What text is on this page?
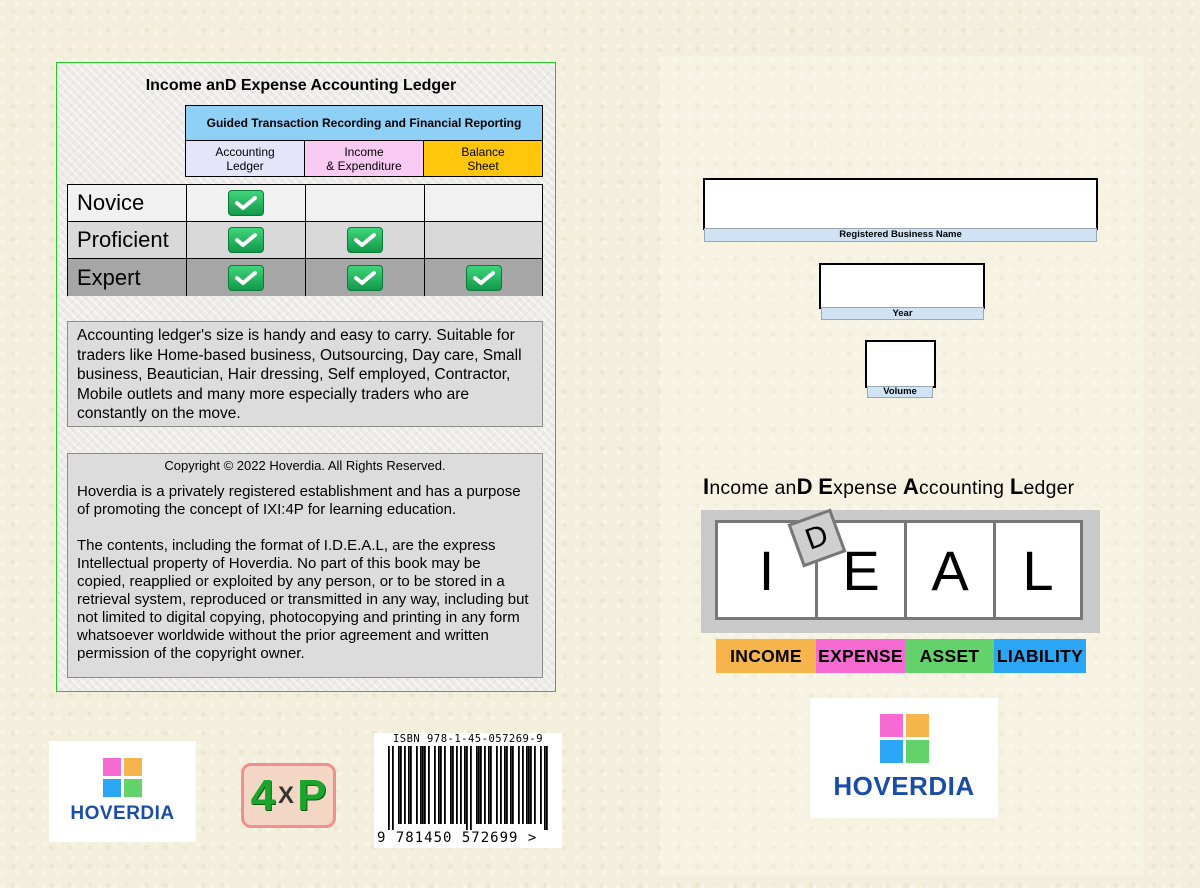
Income anD Expense Accounting Ledger
Guided Transaction Recording and Financial Reporting
Accounting
Ledger
Income
& Expenditure
Balance
Sheet
Novice
Proficient
Expert
Accounting ledger's size is handy and easy to carry. Suitable for traders like Home-based business, Outsourcing, Day care, Small business, Beautician, Hair dressing, Self employed, Contractor, Mobile outlets and many more especially traders who are constantly on the move.
Copyright © 2022 Hoverdia. All Rights Reserved.
Hoverdia is a privately registered establishment and has a purpose of promoting the concept of IXI:4P for learning education.
The contents, including the format of I.D.E.A.L, are the express Intellectual property of Hoverdia. No part of this book may be copied, reapplied or exploited by any person, or to be stored in a retrieval system, reproduced or transmitted in any way, including but not limited to digital copying, photocopying and printing in any form whatsoever worldwide without the prior agreement and written permission of the copyright owner.
HOVERDIA 4 X P
ISBN 978-1-45-057269-9
9 781450 572699 >
Registered Business Name
Year
Volume
Income anD Expense Accounting Ledger
I	E A L
D
INCOME EXPENSE ASSET LIABILITY
HOVERDIA
